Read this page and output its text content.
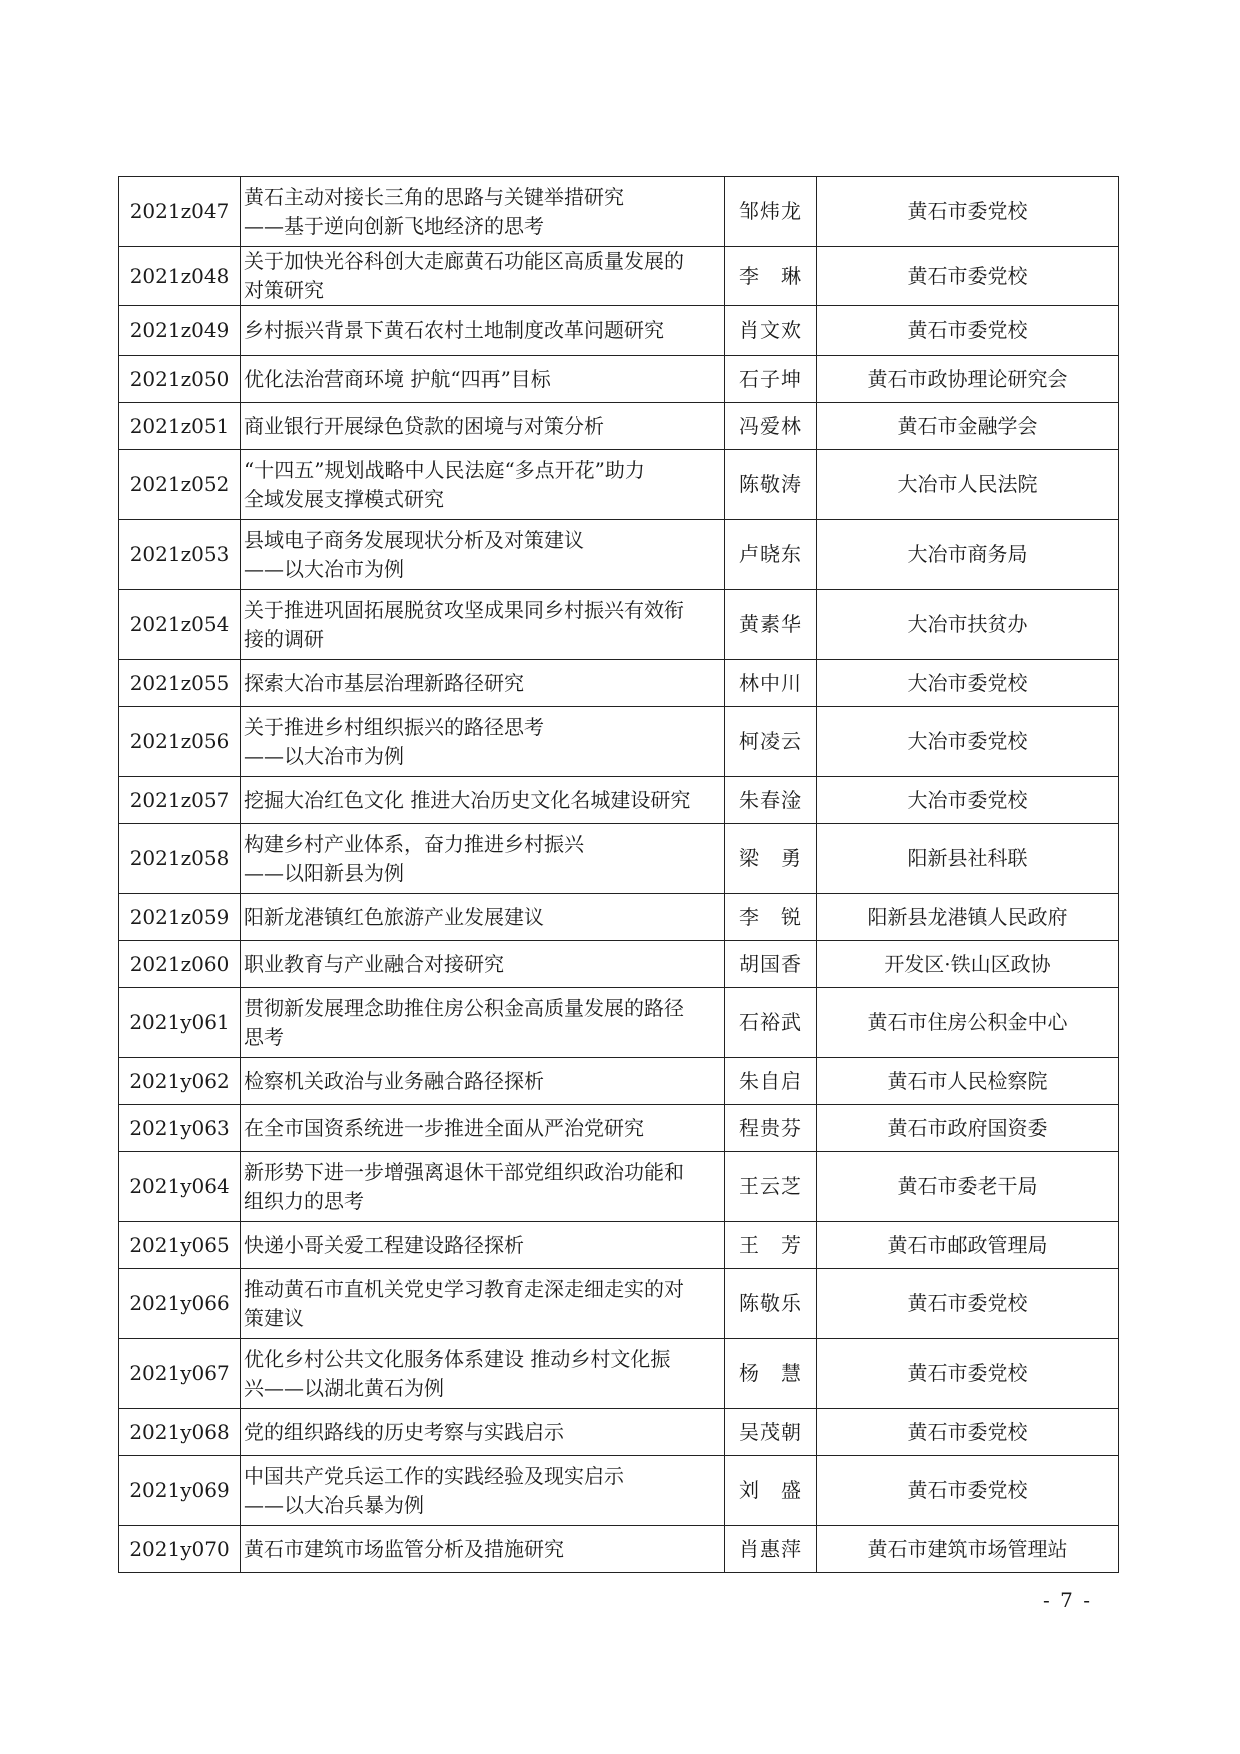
2021z047	黄石主动对接长三角的思路与关键举措研究
——基于逆向创新飞地经济的思考	邹炜龙	黄石市委党校
2021z048	关于加快光谷科创大走廊黄石功能区高质量发展的
对策研究	李　琳	黄石市委党校
2021z049	乡村振兴背景下黄石农村土地制度改革问题研究	肖文欢	黄石市委党校
2021z050	优化法治营商环境 护航“四再”目标	石子坤	黄石市政协理论研究会
2021z051	商业银行开展绿色贷款的困境与对策分析	冯爱林	黄石市金融学会
2021z052	“十四五”规划战略中人民法庭“多点开花”助力
全域发展支撑模式研究	陈敬涛	大冶市人民法院
2021z053	县域电子商务发展现状分析及对策建议
——以大冶市为例	卢晓东	大冶市商务局
2021z054	关于推进巩固拓展脱贫攻坚成果同乡村振兴有效衔
接的调研	黄素华	大冶市扶贫办
2021z055	探索大冶市基层治理新路径研究	林中川	大冶市委党校
2021z056	关于推进乡村组织振兴的路径思考
——以大冶市为例	柯凌云	大冶市委党校
2021z057	挖掘大冶红色文化 推进大冶历史文化名城建设研究	朱春淦	大冶市委党校
2021z058	构建乡村产业体系，奋力推进乡村振兴
——以阳新县为例	梁　勇	阳新县社科联
2021z059	阳新龙港镇红色旅游产业发展建议	李　锐	阳新县龙港镇人民政府
2021z060	职业教育与产业融合对接研究	胡国香	开发区·铁山区政协
2021y061	贯彻新发展理念助推住房公积金高质量发展的路径
思考	石裕武	黄石市住房公积金中心
2021y062	检察机关政治与业务融合路径探析	朱自启	黄石市人民检察院
2021y063	在全市国资系统进一步推进全面从严治党研究	程贵芬	黄石市政府国资委
2021y064	新形势下进一步增强离退休干部党组织政治功能和
组织力的思考	王云芝	黄石市委老干局
2021y065	快递小哥关爱工程建设路径探析	王　芳	黄石市邮政管理局
2021y066	推动黄石市直机关党史学习教育走深走细走实的对
策建议	陈敬乐	黄石市委党校
2021y067	优化乡村公共文化服务体系建设 推动乡村文化振
兴——以湖北黄石为例	杨　慧	黄石市委党校
2021y068	党的组织路线的历史考察与实践启示	吴茂朝	黄石市委党校
2021y069	中国共产党兵运工作的实践经验及现实启示
——以大冶兵暴为例	刘　盛	黄石市委党校
2021y070	黄石市建筑市场监管分析及措施研究	肖惠萍	黄石市建筑市场管理站
- 7 -
